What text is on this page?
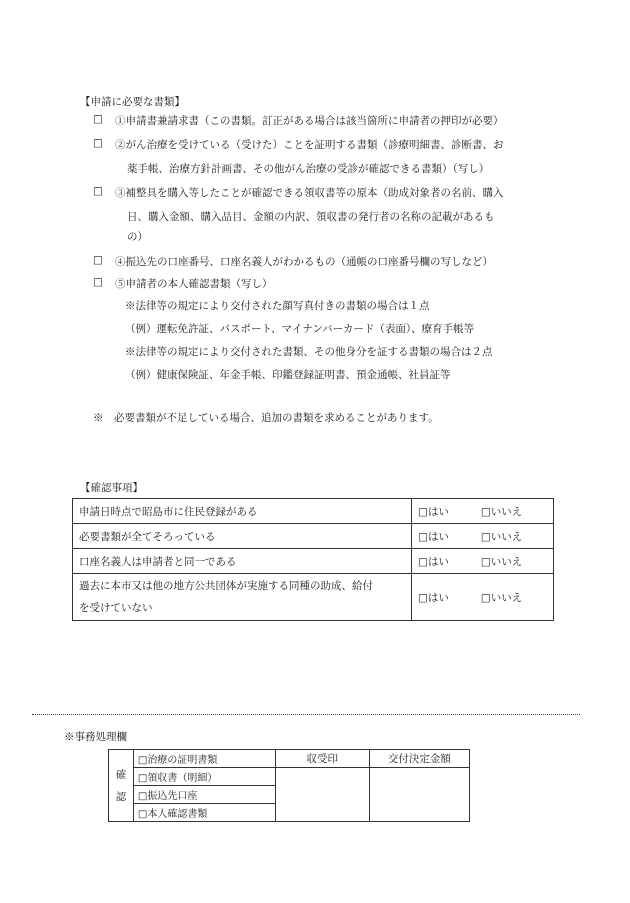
【申請に必要な書類】
□	①申請書兼請求書（この書類。訂正がある場合は該当箇所に申請者の押印が必要）
□	②がん治療を受けている（受けた）ことを証明する書類（診療明細書、診断書、お
薬手帳、治療方針計画書、その他がん治療の受診が確認できる書類）（写し）
□	③補整具を購入等したことが確認できる領収書等の原本（助成対象者の名前、購入
日、購入金額、購入品目、金額の内訳、領収書の発行者の名称の記載があるも
の）
□	④振込先の口座番号、口座名義人がわかるもの（通帳の口座番号欄の写しなど）
□	⑤申請者の本人確認書類（写し）
※法律等の規定により交付された顔写真付きの書類の場合は１点
（例）運転免許証、パスポート、マイナンバーカード（表面）、療育手帳等
※法律等の規定により交付された書類、その他身分を証する書類の場合は２点
（例）健康保険証、年金手帳、印鑑登録証明書、預金通帳、社員証等
※　必要書類が不足している場合、追加の書類を求めることがあります。
【確認事項】
申請日時点で昭島市に住民登録がある	□はい	□いいえ
必要書類が全てそろっている	□はい	□いいえ
口座名義人は申請者と同一である	□はい	□いいえ

過去に本市又は他の地方公共団体が実施する同種の助成、給付
を受けていない	□はい	□いいえ
※事務処理欄
確
認	□治療の証明書類	収受印	交付決定金額
	□領収書（明細）		
	□振込先口座		
	□本人確認書類		
